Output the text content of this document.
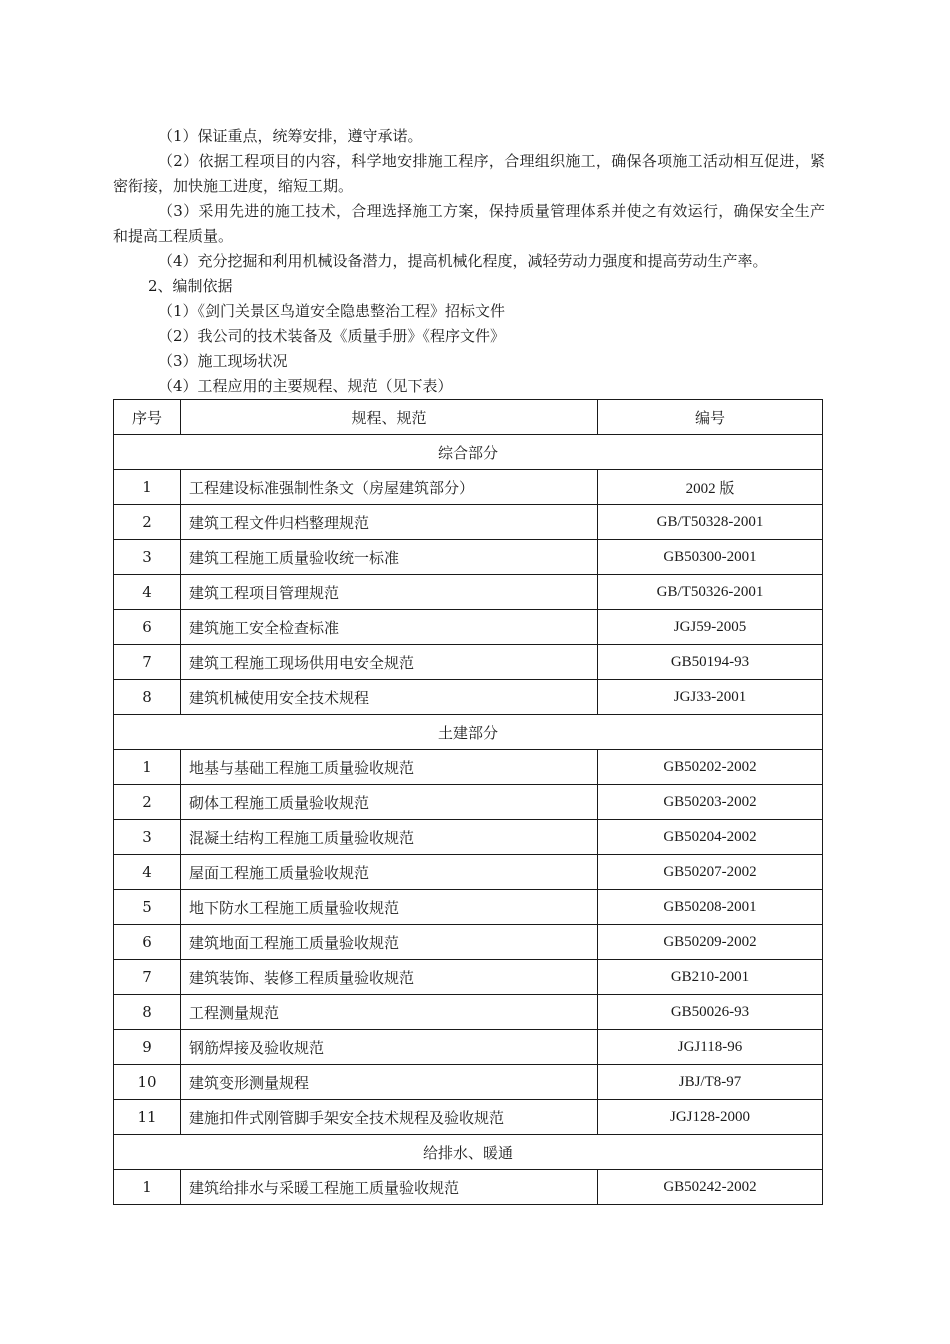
（1）保证重点，统筹安排，遵守承诺。

（2）依据工程项目的内容，科学地安排施工程序，合理组织施工，确保各项施工活动相互促进，紧密衔接，加快施工进度，缩短工期。

（3）采用先进的施工技术，合理选择施工方案，保持质量管理体系并使之有效运行，确保安全生产和提高工程质量。

（4）充分挖掘和利用机械设备潜力，提高机械化程度，减轻劳动力强度和提高劳动生产率。

2、编制依据

（1）《剑门关景区鸟道安全隐患整治工程》招标文件

（2）我公司的技术装备及《质量手册》《程序文件》

（3）施工现场状况

（4）工程应用的主要规程、规范（见下表）

序号	规程、规范	编号
综合部分		
1	工程建设标准强制性条文（房屋建筑部分）	2002 版
2	建筑工程文件归档整理规范	GB/T50328-2001
3	建筑工程施工质量验收统一标准	GB50300-2001
4	建筑工程项目管理规范	GB/T50326-2001
6	建筑施工安全检查标准	JGJ59-2005
7	建筑工程施工现场供用电安全规范	GB50194-93
8	建筑机械使用安全技术规程	JGJ33-2001
土建部分		
1	地基与基础工程施工质量验收规范	GB50202-2002
2	砌体工程施工质量验收规范	GB50203-2002
3	混凝土结构工程施工质量验收规范	GB50204-2002
4	屋面工程施工质量验收规范	GB50207-2002
5	地下防水工程施工质量验收规范	GB50208-2001
6	建筑地面工程施工质量验收规范	GB50209-2002
7	建筑装饰、装修工程质量验收规范	GB210-2001
8	工程测量规范	GB50026-93
9	钢筋焊接及验收规范	JGJ118-96
10	建筑变形测量规程	JBJ/T8-97
11	建施扣件式刚管脚手架安全技术规程及验收规范	JGJ128-2000
给排水、暖通		
1	建筑给排水与采暖工程施工质量验收规范	GB50242-2002
